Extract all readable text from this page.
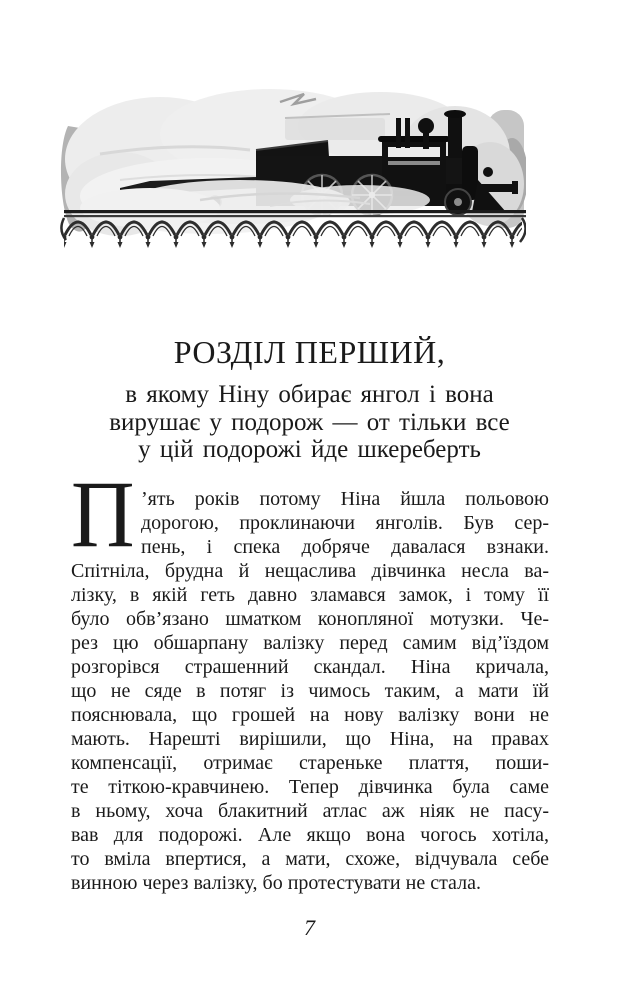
РОЗДІЛ ПЕРШИЙ,
в якому Ніну обирає янгол і вона
вирушає у подорож — от тільки все
у цій подорожі йде шкереберть
П ’ять років потому Ніна йшла польовою
дорогою, проклинаючи янголів. Був сер-
пень, і спека добряче давалася взнаки.
Спітніла, брудна й нещаслива дівчинка несла ва-
лізку, в якій геть давно зламався замок, і тому її
було обв’язано шматком конопляної мотузки. Че-
рез цю обшарпану валізку перед самим від’їздом
розгорівся страшенний скандал. Ніна кричала,
що не сяде в потяг із чимось таким, а мати їй
пояснювала, що грошей на нову валізку вони не
мають. Нарешті вирішили, що Ніна, на правах
компенсації, отримає стареньке плаття, поши-
те тіткою-кравчинею. Тепер дівчинка була саме
в ньому, хоча блакитний атлас аж ніяк не пасу-
вав для подорожі. Але якщо вона чогось хотіла,
то вміла впертися, а мати, схоже, відчувала себе
винною через валізку, бо протестувати не стала.
7
